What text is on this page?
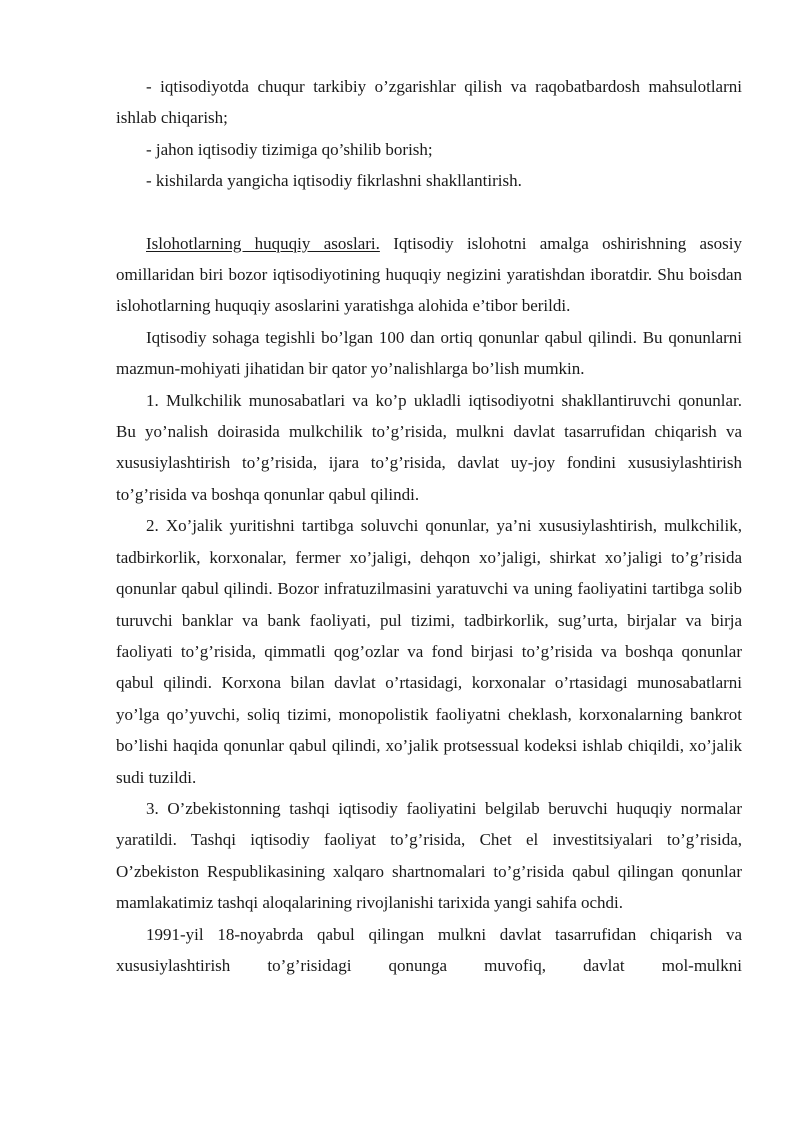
- iqtisodiyotda chuqur tarkibiy o’zgarishlar qilish va raqobatbardosh mahsulotlarni ishlab chiqarish;

- jahon iqtisodiy tizimiga qo’shilib borish;

- kishilarda yangicha iqtisodiy fikrlashni shakllantirish.

Islohotlarning huquqiy asoslari. Iqtisodiy islohotni amalga oshirishning asosiy omillaridan biri bozor iqtisodiyotining huquqiy negizini yaratishdan iboratdir. Shu boisdan islohotlarning huquqiy asoslarini yaratishga alohida e’tibor berildi.

Iqtisodiy sohaga tegishli bo’lgan 100 dan ortiq qonunlar qabul qilindi. Bu qonunlarni mazmun-mohiyati jihatidan bir qator yo’nalishlarga bo’lish mumkin.

1. Mulkchilik munosabatlari va ko’p ukladli iqtisodiyotni shakllantiruvchi qonunlar. Bu yo’nalish doirasida mulkchilik to’g’risida, mulkni davlat tasarrufidan chiqarish va xususiylashtirish to’g’risida, ijara to’g’risida, davlat uy-joy fondini xususiylashtirish to’g’risida va boshqa qonunlar qabul qilindi.

2. Xo’jalik yuritishni tartibga soluvchi qonunlar, ya’ni xususiylashtirish, mulkchilik, tadbirkorlik, korxonalar, fermer xo’jaligi, dehqon xo’jaligi, shirkat xo’jaligi to’g’risida qonunlar qabul qilindi. Bozor infratuzilmasini yaratuvchi va uning faoliyatini tartibga solib turuvchi banklar va bank faoliyati, pul tizimi, tadbirkorlik, sug’urta, birjalar va birja faoliyati to’g’risida, qimmatli qog’ozlar va fond birjasi to’g’risida va boshqa qonunlar qabul qilindi. Korxona bilan davlat o’rtasidagi, korxonalar o’rtasidagi munosabatlarni yo’lga qo’yuvchi, soliq tizimi, monopolistik faoliyatni cheklash, korxonalarning bankrot bo’lishi haqida qonunlar qabul qilindi, xo’jalik protsessual kodeksi ishlab chiqildi, xo’jalik sudi tuzildi.

3. O’zbekistonning tashqi iqtisodiy faoliyatini belgilab beruvchi huquqiy normalar yaratildi. Tashqi iqtisodiy faoliyat to’g’risida, Chet el investitsiyalari to’g’risida, O’zbekiston Respublikasining xalqaro shartnomalari to’g’risida qabul qilingan qonunlar mamlakatimiz tashqi aloqalarining rivojlanishi tarixida yangi sahifa ochdi.

1991-yil 18-noyabrda qabul qilingan mulkni davlat tasarrufidan chiqarish va xususiylashtirish to’g’risidagi qonunga muvofiq, davlat mol-mulkni
